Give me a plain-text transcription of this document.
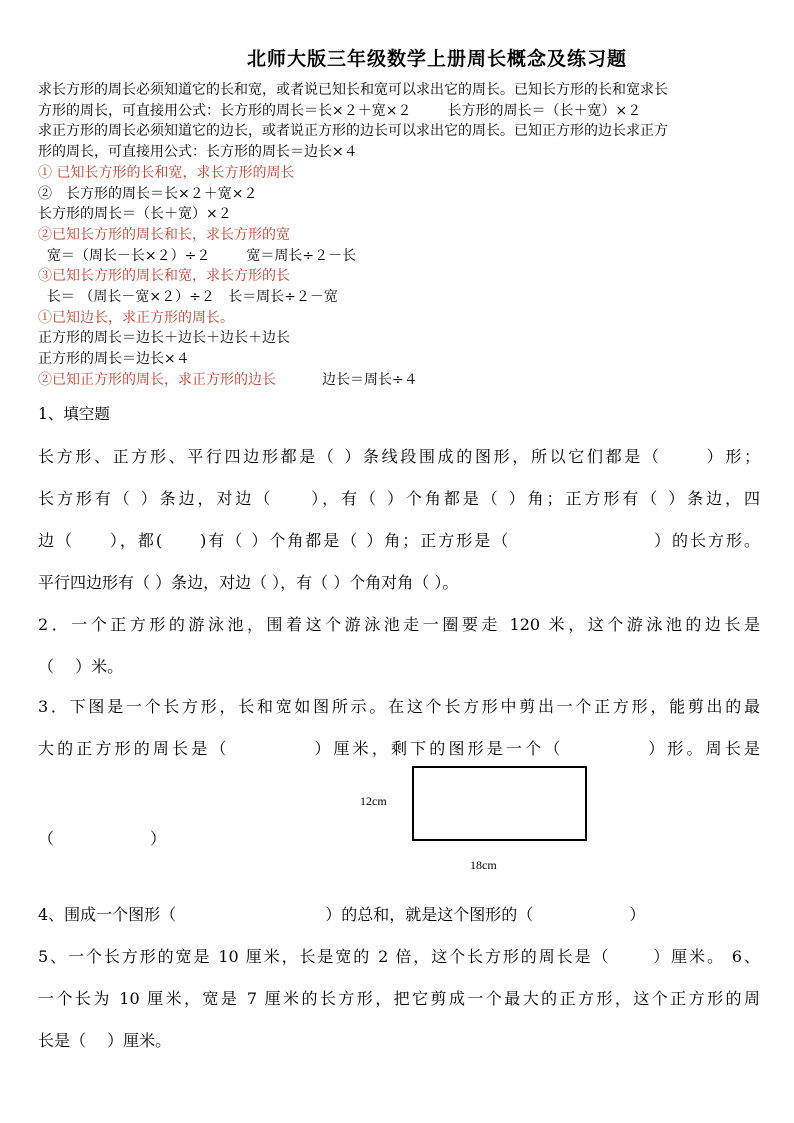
北师大版三年级数学上册周长概念及练习题
求长方形的周长必须知道它的长和宽，或者说已知长和宽可以求出它的周长。已知长方形的长和宽求长
方形的周长，可直接用公式：长方形的周长＝长×２＋宽×２	长方形的周长＝（长＋宽）×２
求正方形的周长必须知道它的边长，或者说正方形的边长可以求出它的周长。已知正方形的边长求正方
形的周长，可直接用公式：长方形的周长＝边长×４
① 已知长方形的长和宽，求长方形的周长
②　长方形的周长＝长×２＋宽×２
长方形的周长＝（长＋宽）×２
②已知长方形的周长和长，求长方形的宽
宽＝（周长－长×２）÷２	宽＝周长÷２－长
③已知长方形的周长和宽，求长方形的长
长＝ （周长－宽×２）÷２ 长＝周长÷２－宽
①已知边长，求正方形的周长。
正方形的周长＝边长＋边长＋边长＋边长
正方形的周长＝边长×４
②已知正方形的周长，求正方形的边长	边长＝周长÷４
1、填空题
长方形、正方形、平行四边形都是（ ）条线段围成的图形，所以它们都是（　　 ）形；
长方形有（ ）条边，对边（　　），有（ ）个角都是（ ）角；正方形有（ ）条边，四
边（　　），都(　　)有（ ）个角都是（ ）角；正方形是（　　　　　　　　）的长方形。
平行四边形有（ ）条边，对边（ ），有（ ）个角对角（ ）。
2．一个正方形的游泳池，围着这个游泳池走一圈要走 120 米，这个游泳池的边长是
（　 ）米。
3．下图是一个长方形，长和宽如图所示。在这个长方形中剪出一个正方形，能剪出的最
大的正方形的周长是（　　　　 ）厘米，剩下的图形是一个（　　　　 ）形。周长是
（　　　　　　）
12cm
18cm
4、围成一个图形（　　　　　　　　　 ）的总和，就是这个图形的（　　　　　　）
5、一个长方形的宽是 10 厘米，长是宽的 2 倍，这个长方形的周长是（　　 ）厘米。 6、
一个长为 10 厘米，宽是 7 厘米的长方形，把它剪成一个最大的正方形，这个正方形的周
长是（　 ）厘米。
